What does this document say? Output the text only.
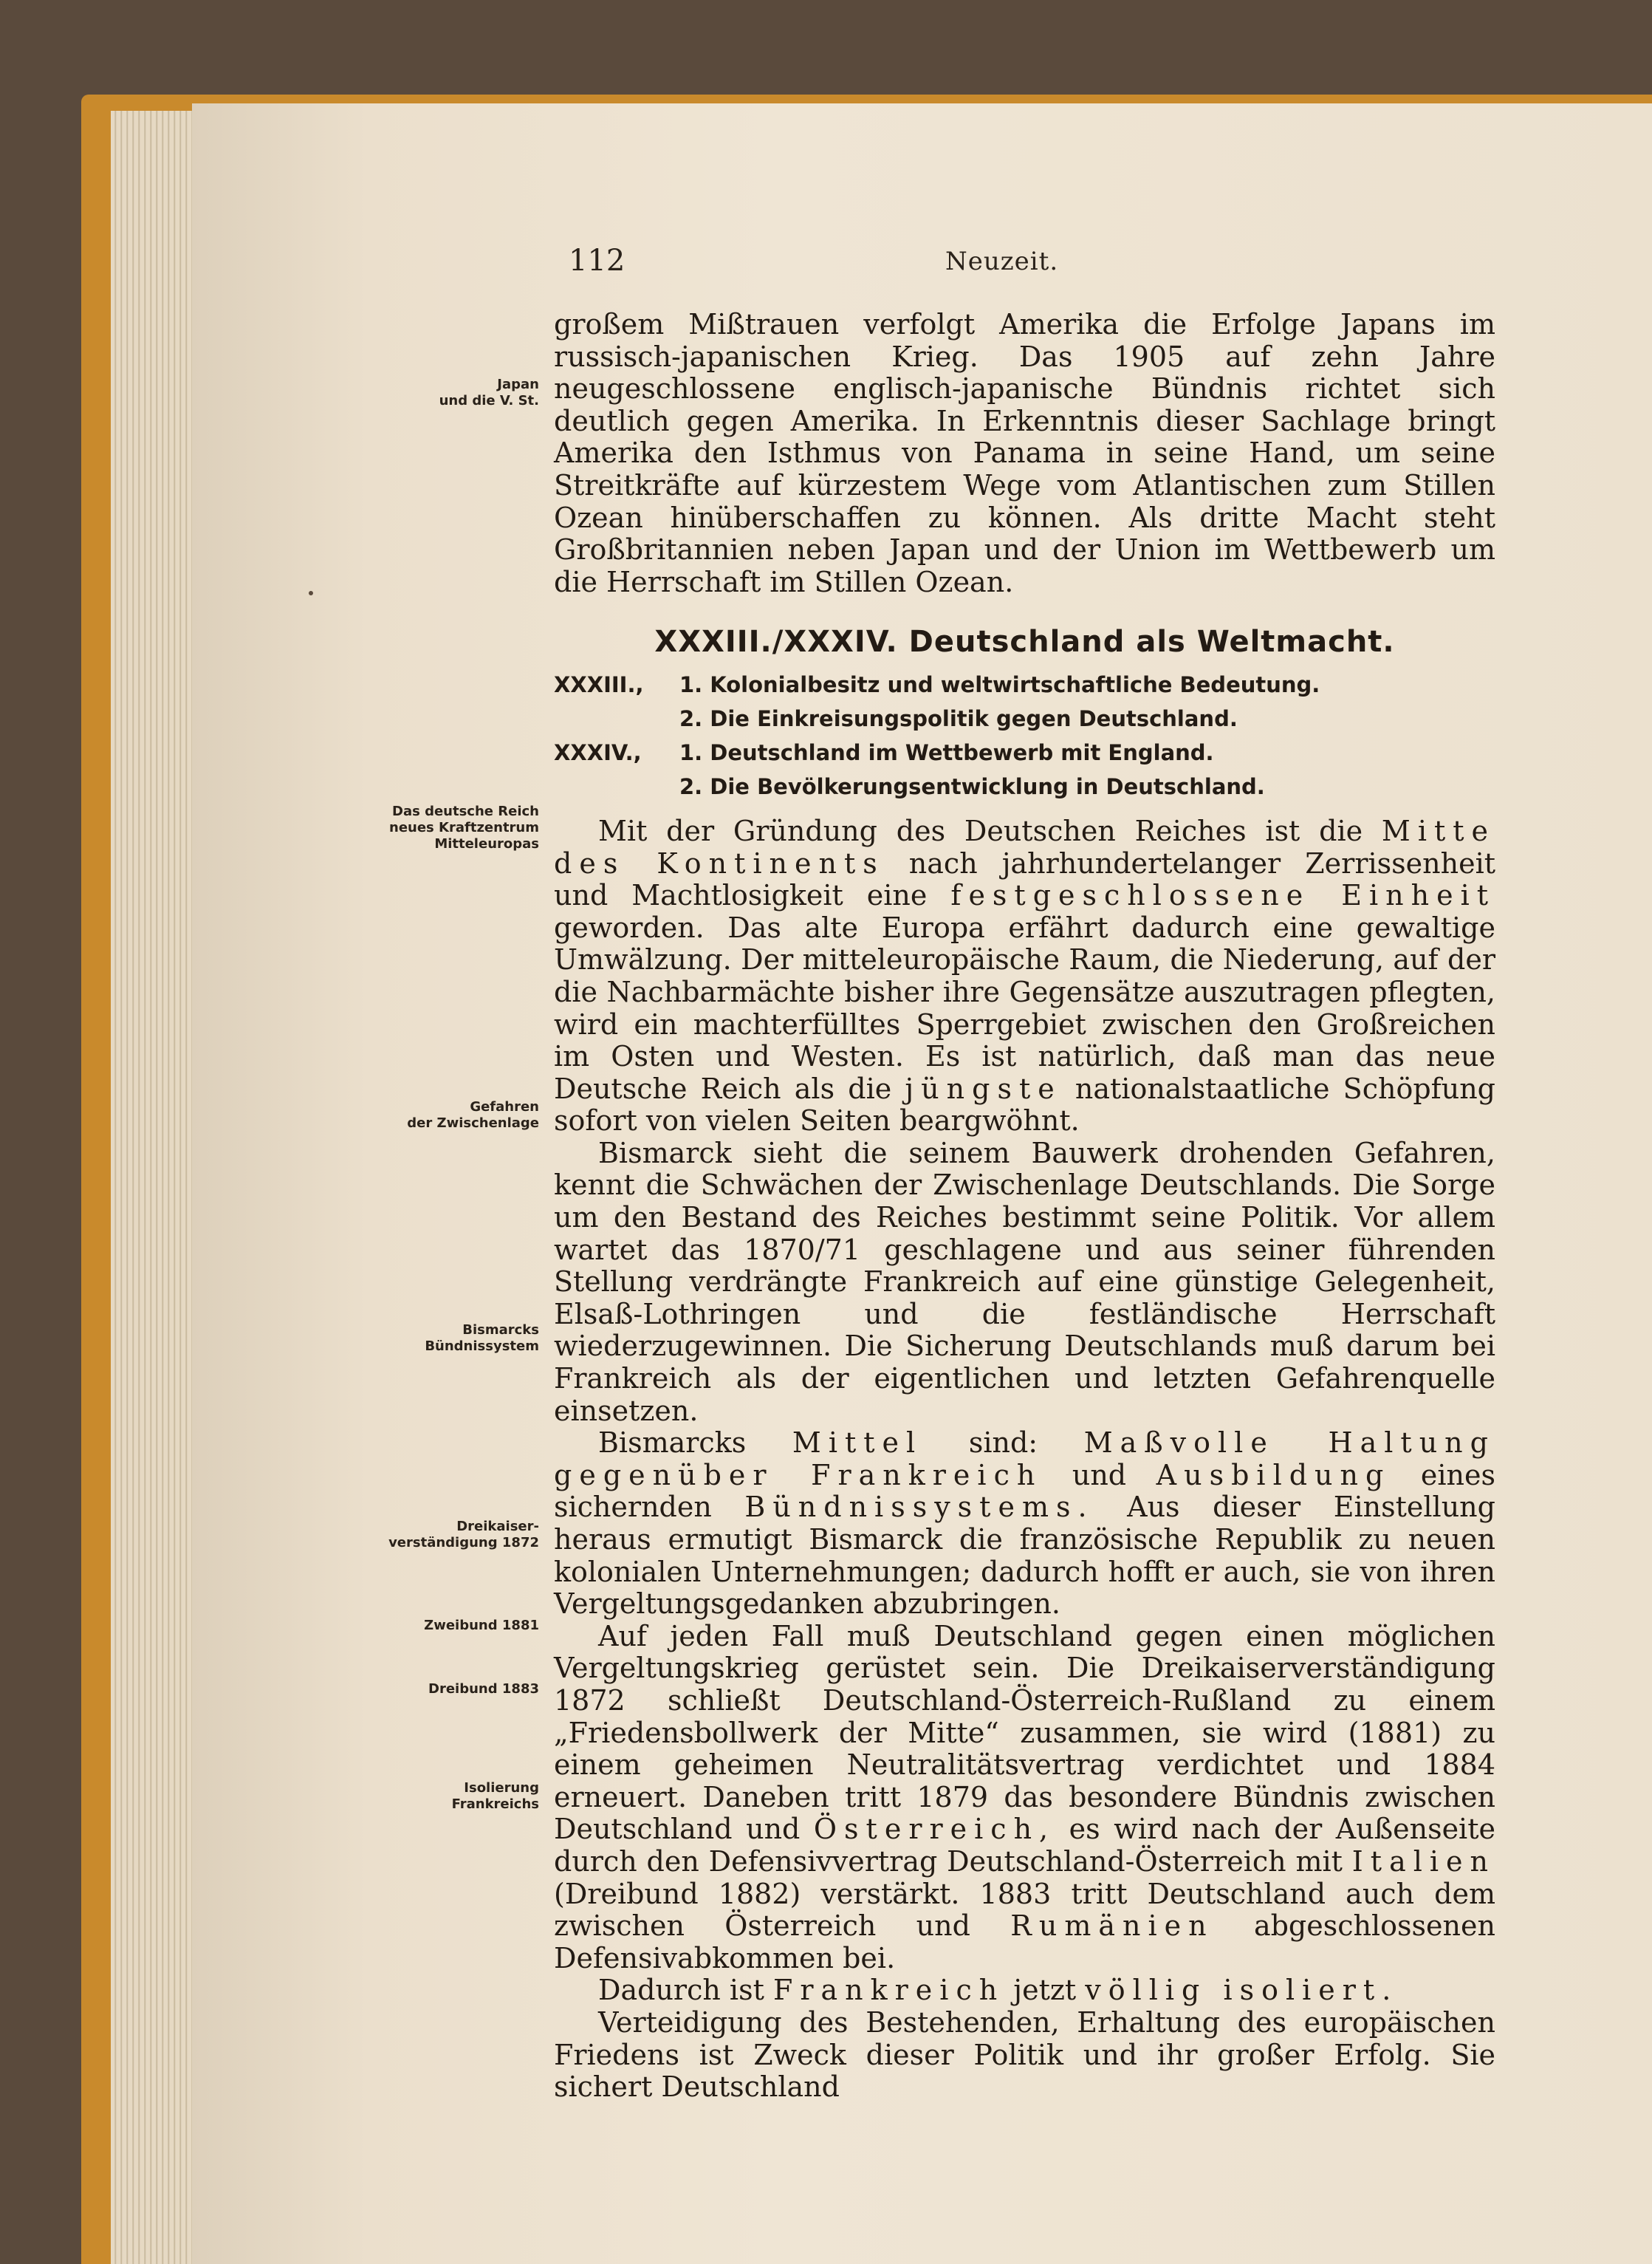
112	Neuzeit.
Japan
und die V. St.
Das deutsche Reich
neues Kraftzentrum
Mitteleuropas
Gefahren
der Zwischenlage
Bismarcks
Bündnissystem
Dreikaiser-
verständigung 1872
Zweibund 1881
Dreibund 1883
Isolierung
Frankreichs

großem Mißtrauen verfolgt Amerika die Erfolge Japans im russisch-japanischen Krieg. Das 1905 auf zehn Jahre neugeschlossene englisch-japanische Bündnis richtet sich deutlich gegen Amerika. In Erkenntnis dieser Sachlage bringt Amerika den Isthmus von Panama in seine Hand, um seine Streitkräfte auf kürzestem Wege vom Atlantischen zum Stillen Ozean hinüberschaffen zu können. Als dritte Macht steht Großbritannien neben Japan und der Union im Wettbewerb um die Herrschaft im Stillen Ozean.

XXXIII./XXXIV. Deutschland als Weltmacht.
XXXIII.,	1. Kolonialbesitz und weltwirtschaftliche Bedeutung.
2. Die Einkreisungspolitik gegen Deutschland.
XXXIV.,	1. Deutschland im Wettbewerb mit England.
2. Die Bevölkerungsentwicklung in Deutschland.

Mit der Gründung des Deutschen Reiches ist die Mitte des Kontinents nach jahrhundertelanger Zerrissenheit und Machtlosigkeit eine festgeschlossene Einheit geworden. Das alte Europa erfährt dadurch eine gewaltige Umwälzung. Der mitteleuropäische Raum, die Niederung, auf der die Nachbarmächte bisher ihre Gegensätze auszutragen pflegten, wird ein machterfülltes Sperrgebiet zwischen den Großreichen im Osten und Westen. Es ist natürlich, daß man das neue Deutsche Reich als die jüngste nationalstaatliche Schöpfung sofort von vielen Seiten beargwöhnt.

Bismarck sieht die seinem Bauwerk drohenden Gefahren, kennt die Schwächen der Zwischenlage Deutschlands. Die Sorge um den Bestand des Reiches bestimmt seine Politik. Vor allem wartet das 1870/71 geschlagene und aus seiner führenden Stellung verdrängte Frankreich auf eine günstige Gelegenheit, Elsaß-Lothringen und die festländische Herrschaft wiederzugewinnen. Die Sicherung Deutschlands muß darum bei Frankreich als der eigentlichen und letzten Gefahrenquelle einsetzen.

Bismarcks Mittel sind: Maßvolle Haltung gegenüber Frankreich und Ausbildung eines sichernden Bündnissystems. Aus dieser Einstellung heraus ermutigt Bismarck die französische Republik zu neuen kolonialen Unternehmungen; dadurch hofft er auch, sie von ihren Vergeltungsgedanken abzubringen.

Auf jeden Fall muß Deutschland gegen einen möglichen Vergeltungskrieg gerüstet sein. Die Dreikaiserverständigung 1872 schließt Deutschland-Österreich-Rußland zu einem „Friedensbollwerk der Mitte“ zusammen, sie wird (1881) zu einem geheimen Neutralitätsvertrag verdichtet und 1884 erneuert. Daneben tritt 1879 das besondere Bündnis zwischen Deutschland und Österreich, es wird nach der Außenseite durch den Defensivvertrag Deutschland-Österreich mit Italien (Dreibund 1882) verstärkt. 1883 tritt Deutschland auch dem zwischen Österreich und Rumänien abgeschlossenen Defensivabkommen bei.

Dadurch ist Frankreich jetzt völlig isoliert.

Verteidigung des Bestehenden, Erhaltung des europäischen Friedens ist Zweck dieser Politik und ihr großer Erfolg. Sie sichert Deutschland
